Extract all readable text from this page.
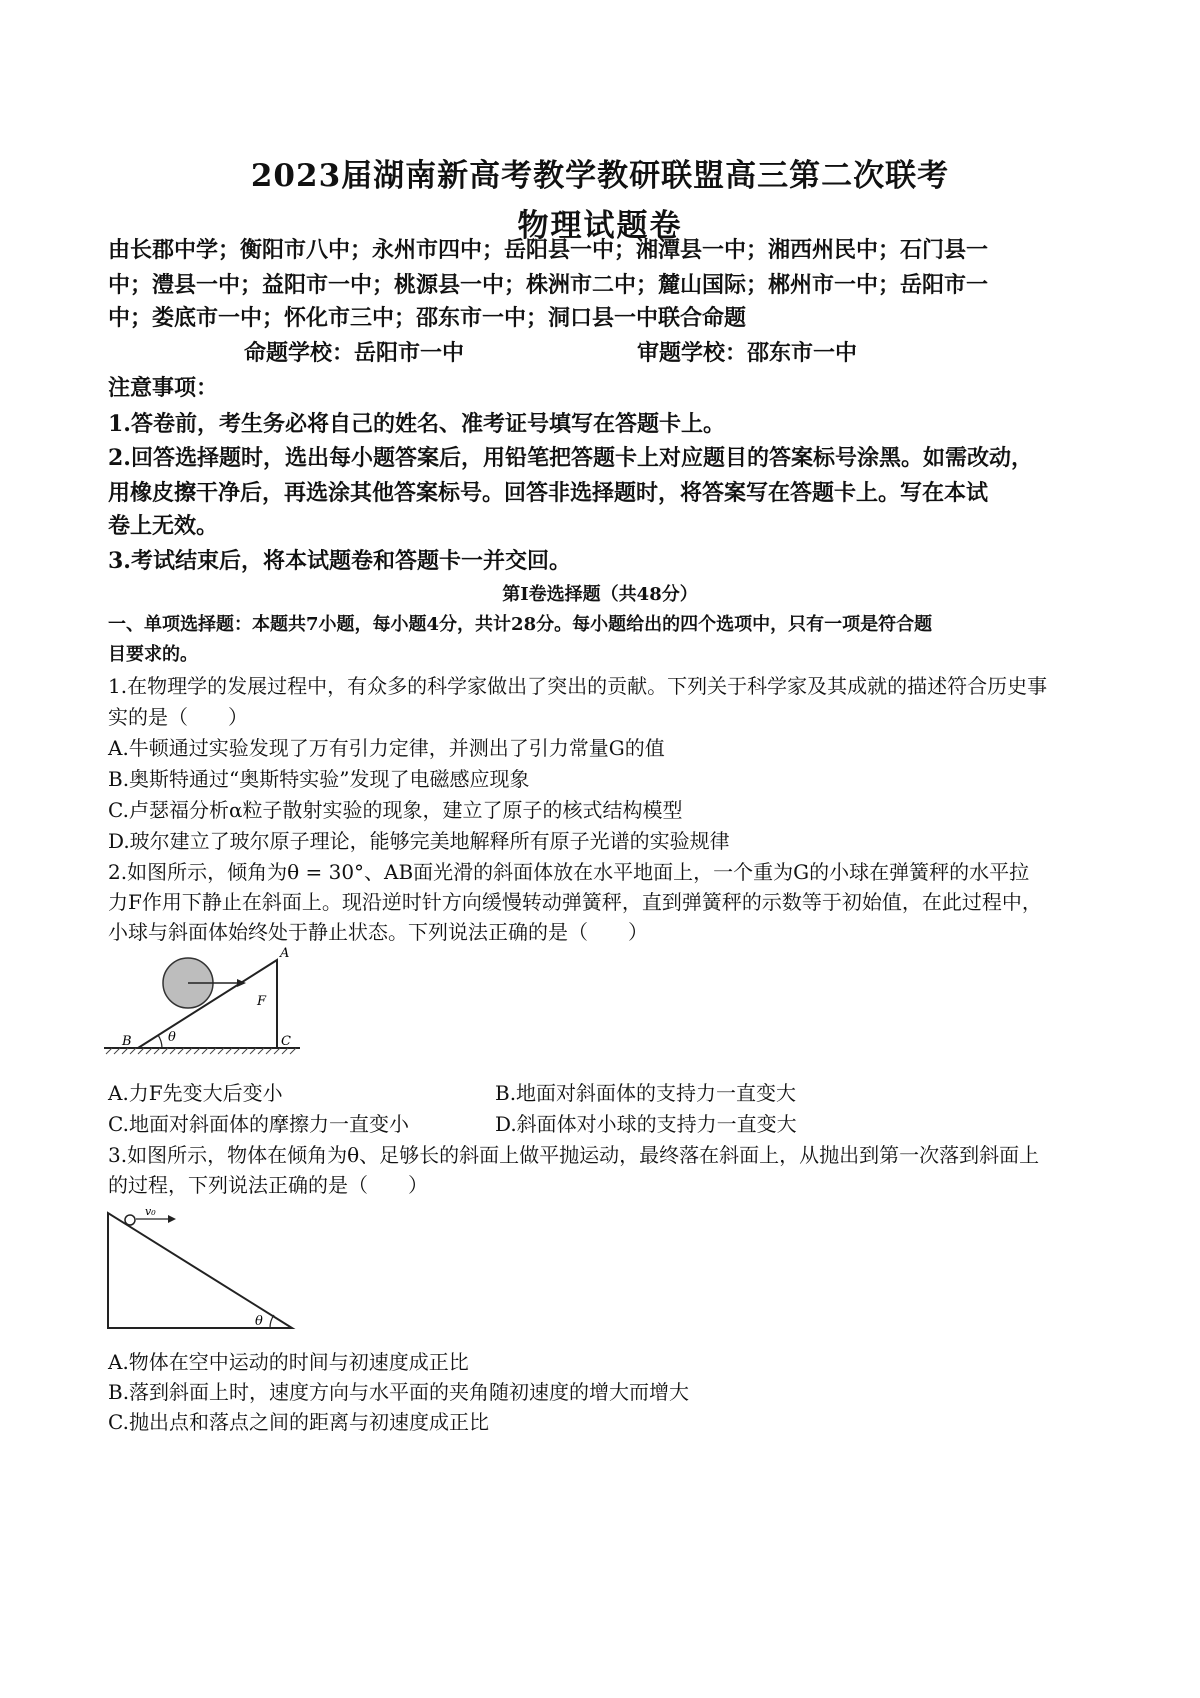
2023届湖南新高考教学教研联盟高三第二次联考
物理试题卷
由长郡中学；衡阳市八中；永州市四中；岳阳县一中；湘潭县一中；湘西州民中；石门县一
中；澧县一中；益阳市一中；桃源县一中；株洲市二中；麓山国际；郴州市一中；岳阳市一
中；娄底市一中；怀化市三中；邵东市一中；洞口县一中联合命题
命题学校：岳阳市一中	审题学校：邵东市一中
注意事项：
1.答卷前，考生务必将自己的姓名、准考证号填写在答题卡上。
2.回答选择题时，选出每小题答案后，用铅笔把答题卡上对应题目的答案标号涂黑。如需改动，
用橡皮擦干净后，再选涂其他答案标号。回答非选择题时，将答案写在答题卡上。写在本试
卷上无效。
3.考试结束后，将本试题卷和答题卡一并交回。
第Ⅰ卷选择题（共48分）
一、单项选择题：本题共7小题，每小题4分，共计28分。每小题给出的四个选项中，只有一项是符合题
目要求的。
1.在物理学的发展过程中，有众多的科学家做出了突出的贡献。下列关于科学家及其成就的描述符合历史事
实的是（　　）
A.牛顿通过实验发现了万有引力定律，并测出了引力常量G的值
B.奥斯特通过“奥斯特实验”发现了电磁感应现象
C.卢瑟福分析α粒子散射实验的现象，建立了原子的核式结构模型
D.玻尔建立了玻尔原子理论，能够完美地解释所有原子光谱的实验规律
2.如图所示，倾角为θ = 30°、AB面光滑的斜面体放在水平地面上，一个重为G的小球在弹簧秤的水平拉
力F作用下静止在斜面上。现沿逆时针方向缓慢转动弹簧秤，直到弹簧秤的示数等于初始值，在此过程中，
小球与斜面体始终处于静止状态。下列说法正确的是（　　）
A
B	C
F
θ
A.力F先变大后变小	B.地面对斜面体的支持力一直变大
C.地面对斜面体的摩擦力一直变小	D.斜面体对小球的支持力一直变大
3.如图所示，物体在倾角为θ、足够长的斜面上做平抛运动，最终落在斜面上，从抛出到第一次落到斜面上
的过程，下列说法正确的是（　　）
v₀
θ
A.物体在空中运动的时间与初速度成正比
B.落到斜面上时，速度方向与水平面的夹角随初速度的增大而增大
C.抛出点和落点之间的距离与初速度成正比
